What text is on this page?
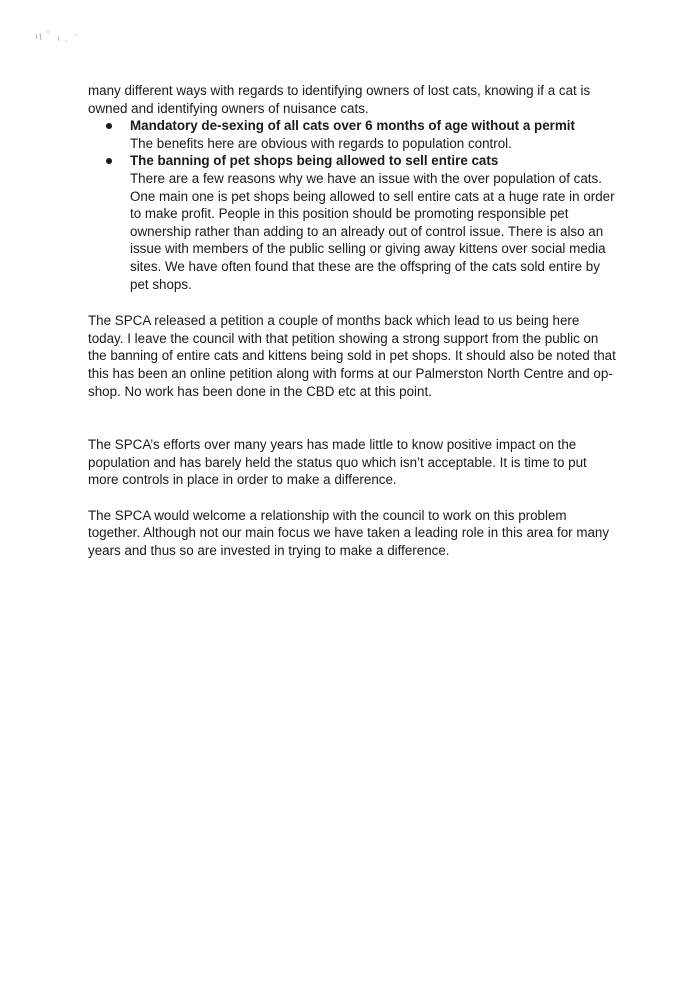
many different ways with regards to identifying owners of lost cats, knowing if a cat is owned and identifying owners of nuisance cats.

Mandatory de-sexing of all cats over 6 months of age without a permit

The benefits here are obvious with regards to population control.

The banning of pet shops being allowed to sell entire cats

There are a few reasons why we have an issue with the over population of cats. One main one is pet shops being allowed to sell entire cats at a huge rate in order to make profit. People in this position should be promoting responsible pet ownership rather than adding to an already out of control issue. There is also an issue with members of the public selling or giving away kittens over social media sites. We have often found that these are the offspring of the cats sold entire by pet shops.

The SPCA released a petition a couple of months back which lead to us being here today. I leave the council with that petition showing a strong support from the public on the banning of entire cats and kittens being sold in pet shops. It should also be noted that this has been an online petition along with forms at our Palmerston North Centre and op-shop. No work has been done in the CBD etc at this point.

The SPCA’s efforts over many years has made little to know positive impact on the population and has barely held the status quo which isn’t acceptable. It is time to put more controls in place in order to make a difference.

The SPCA would welcome a relationship with the council to work on this problem together. Although not our main focus we have taken a leading role in this area for many years and thus so are invested in trying to make a difference.
